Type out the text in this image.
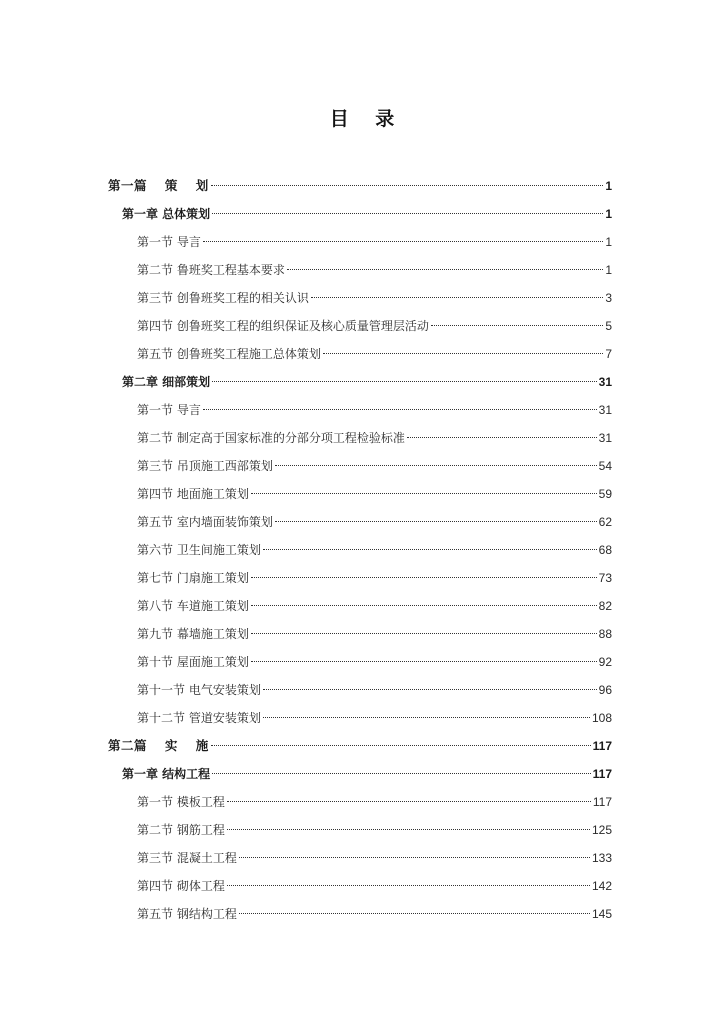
目 录
第一篇　 策　 划	1
第一章 总体策划	1
第一节 导言	1
第二节 鲁班奖工程基本要求	1
第三节 创鲁班奖工程的相关认识	3
第四节 创鲁班奖工程的组织保证及核心质量管理层活动	5
第五节 创鲁班奖工程施工总体策划	7
第二章 细部策划	31
第一节 导言	31
第二节 制定高于国家标准的分部分项工程检验标准	31
第三节 吊顶施工西部策划	54
第四节 地面施工策划	59
第五节 室内墙面装饰策划	62
第六节 卫生间施工策划	68
第七节 门扇施工策划	73
第八节 车道施工策划	82
第九节 幕墙施工策划	88
第十节 屋面施工策划	92
第十一节 电气安装策划	96
第十二节 管道安装策划	108
第二篇　 实　 施	117
第一章 结构工程	117
第一节 模板工程	117
第二节 钢筋工程	125
第三节 混凝土工程	133
第四节 砌体工程	142
第五节 钢结构工程	145
